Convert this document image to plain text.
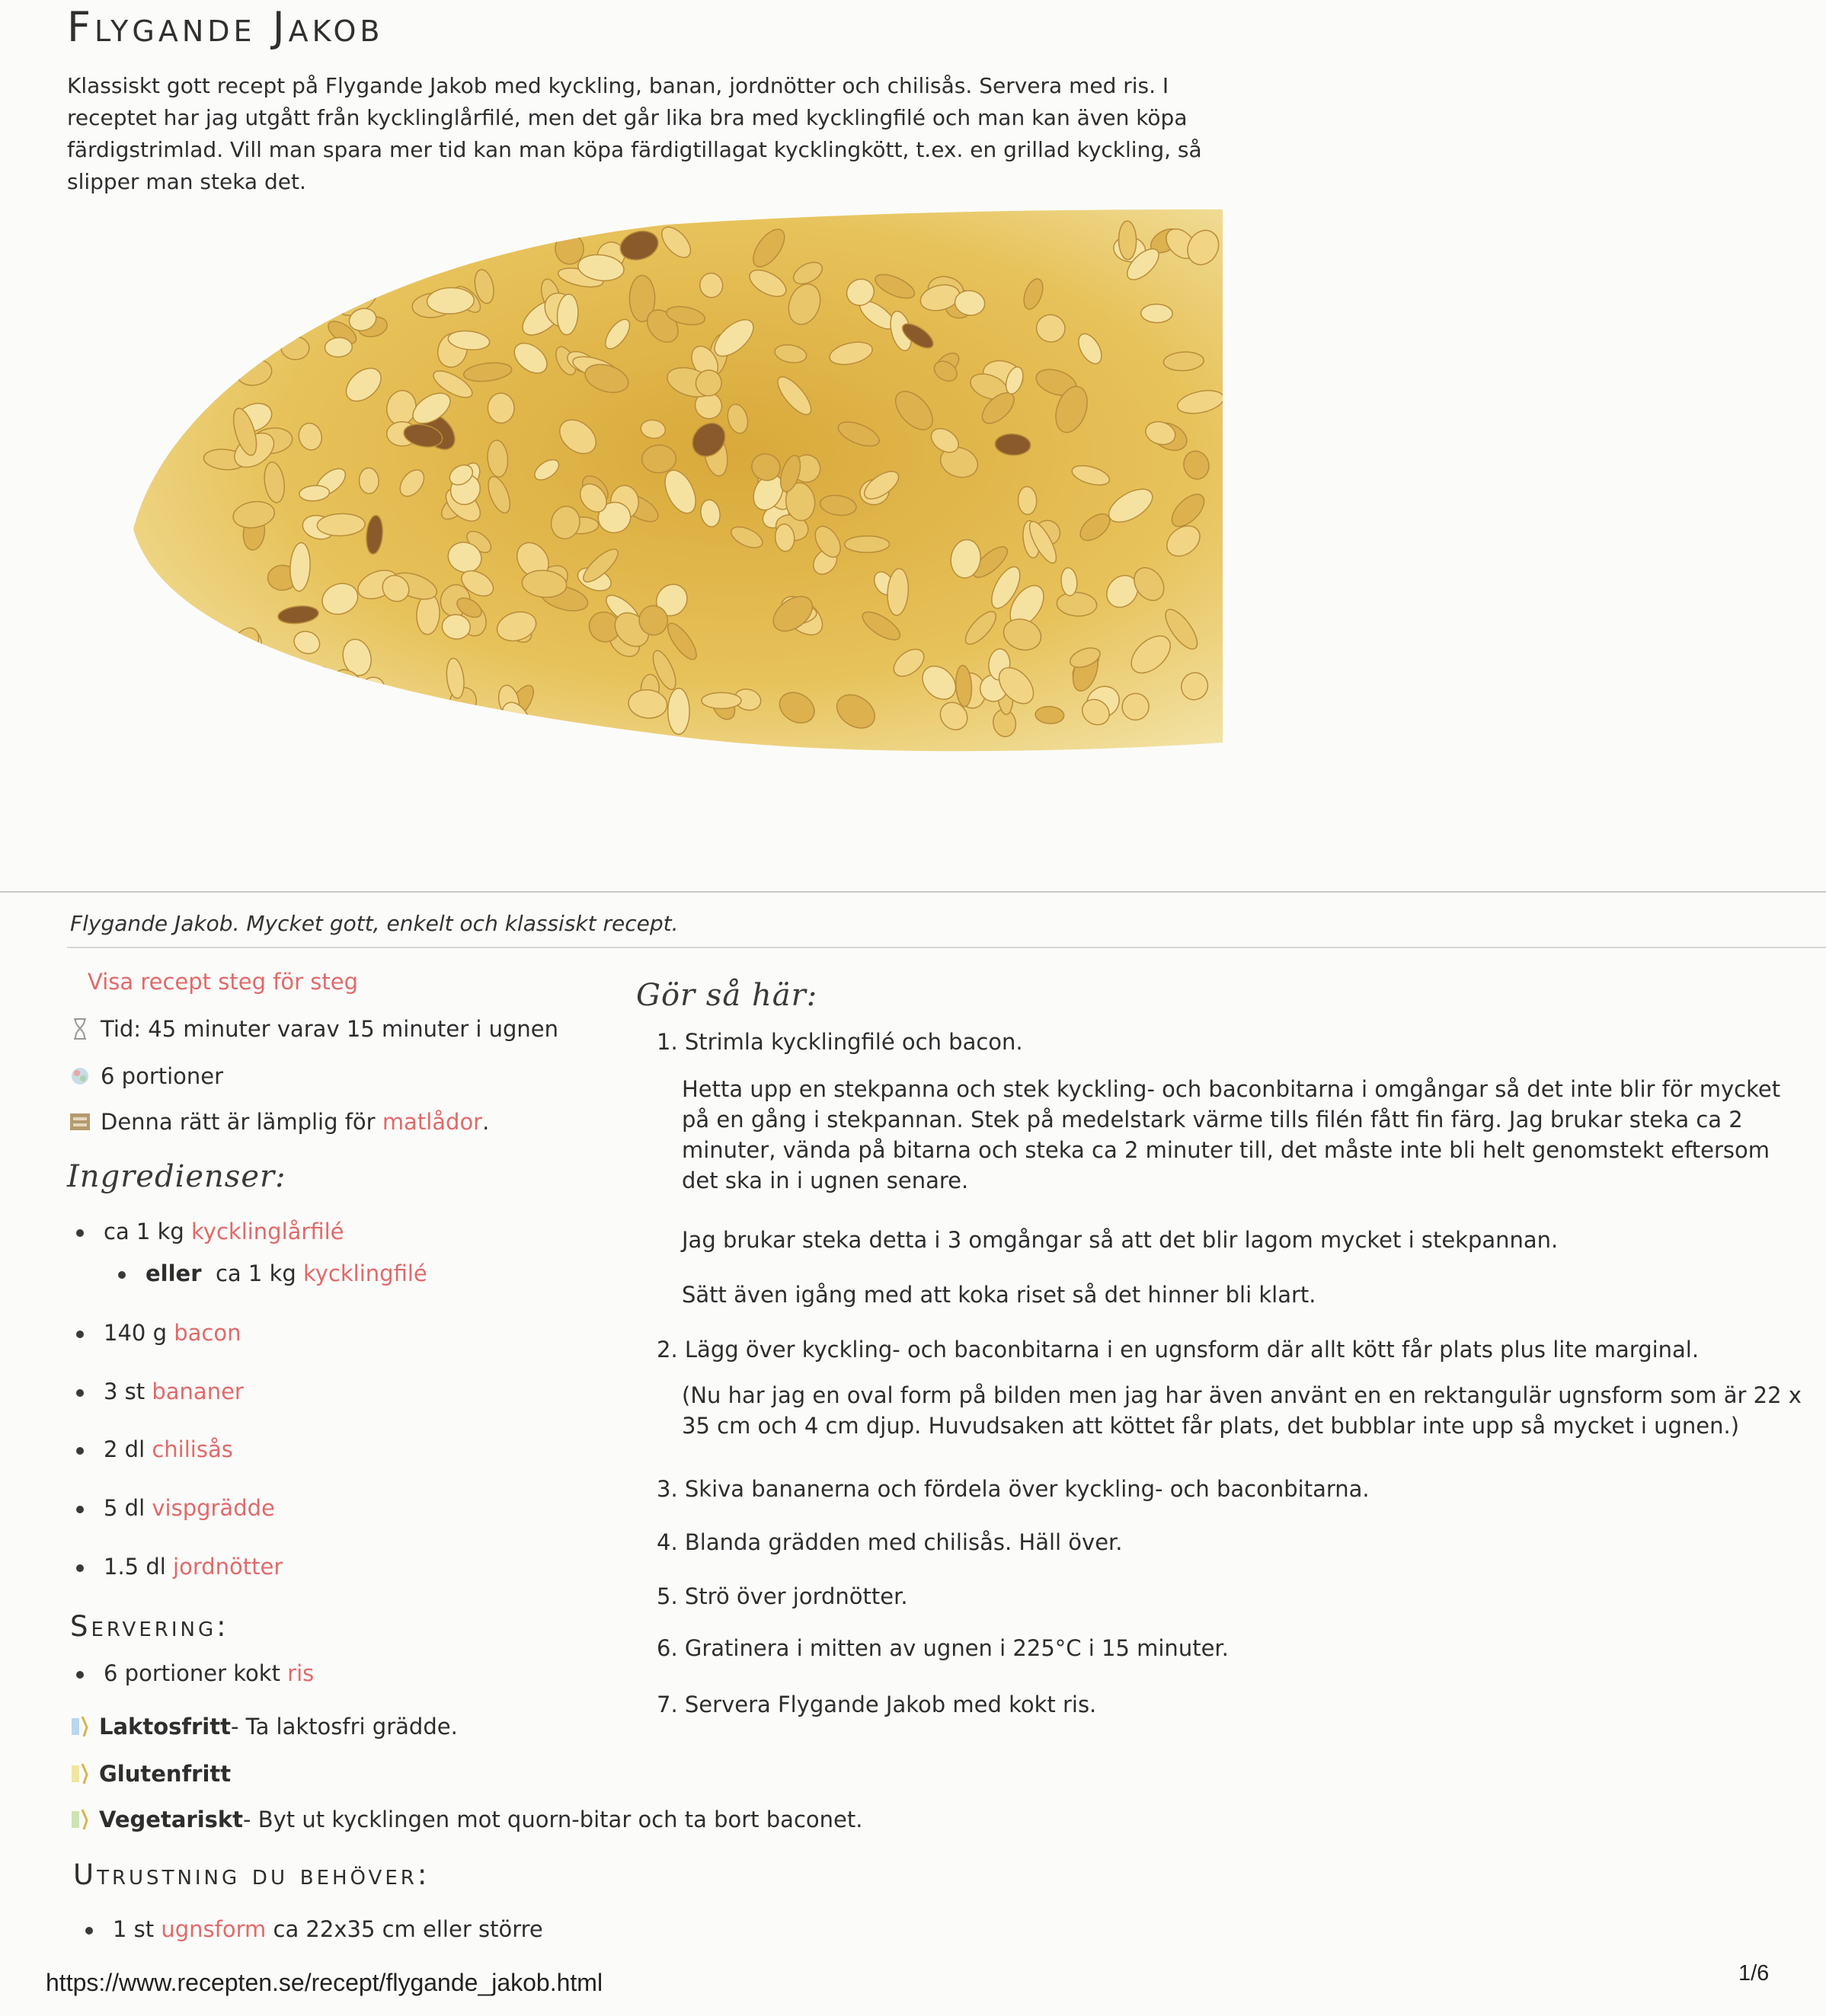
Flygande Jakob

Klassiskt gott recept på Flygande Jakob med kyckling, banan, jordnötter och chilisås. Servera med ris. I receptet har jag utgått från kycklinglårfilé, men det går lika bra med kycklingfilé och man kan även köpa färdigstrimlad. Vill man spara mer tid kan man köpa färdigtillagat kycklingkött, t.ex. en grillad kyckling, så slipper man steka det.

Flygande Jakob. Mycket gott, enkelt och klassiskt recept.
Visa recept steg för steg
Tid: 45 minuter varav 15 minuter i ugnen
6 portioner
Denna rätt är lämplig för
matlådor .
Ingredienser:
ca 1 kg kycklinglårfilé
eller ca 1 kg kycklingfilé
140 g bacon
3 st bananer
2 dl chilisås
5 dl vispgrädde
1.5 dl jordnötter
Servering:
6 portioner kokt ris
Laktosfritt - Ta laktosfri grädde.
Glutenfritt
Vegetariskt - Byt ut kycklingen mot quorn-bitar och ta bort baconet.
Utrustning du behöver:
1 st ugnsform ca 22x35 cm eller större
Gör så här:
1. Strimla kycklingfilé och bacon.
Hetta upp en stekpanna och stek kyckling- och baconbitarna i omgångar så det inte blir för mycket på en gång i stekpannan. Stek på medelstark värme tills filén fått fin färg. Jag brukar steka ca 2 minuter, vända på bitarna och steka ca 2 minuter till, det måste inte bli helt genomstekt eftersom det ska in i ugnen senare.
Jag brukar steka detta i 3 omgångar så att det blir lagom mycket i stekpannan.
Sätt även igång med att koka riset så det hinner bli klart.
2. Lägg över kyckling- och baconbitarna i en ugnsform där allt kött får plats plus lite marginal.
(Nu har jag en oval form på bilden men jag har även använt en en rektangulär ugnsform som är 22 x 35 cm och 4 cm djup. Huvudsaken att köttet får plats, det bubblar inte upp så mycket i ugnen.)
3. Skiva bananerna och fördela över kyckling- och baconbitarna.
4. Blanda grädden med chilisås. Häll över.
5. Strö över jordnötter.
6. Gratinera i mitten av ugnen i 225°C i 15 minuter.
7. Servera Flygande Jakob med kokt ris.
https://www.recepten.se/recept/flygande_jakob.html	1/6
